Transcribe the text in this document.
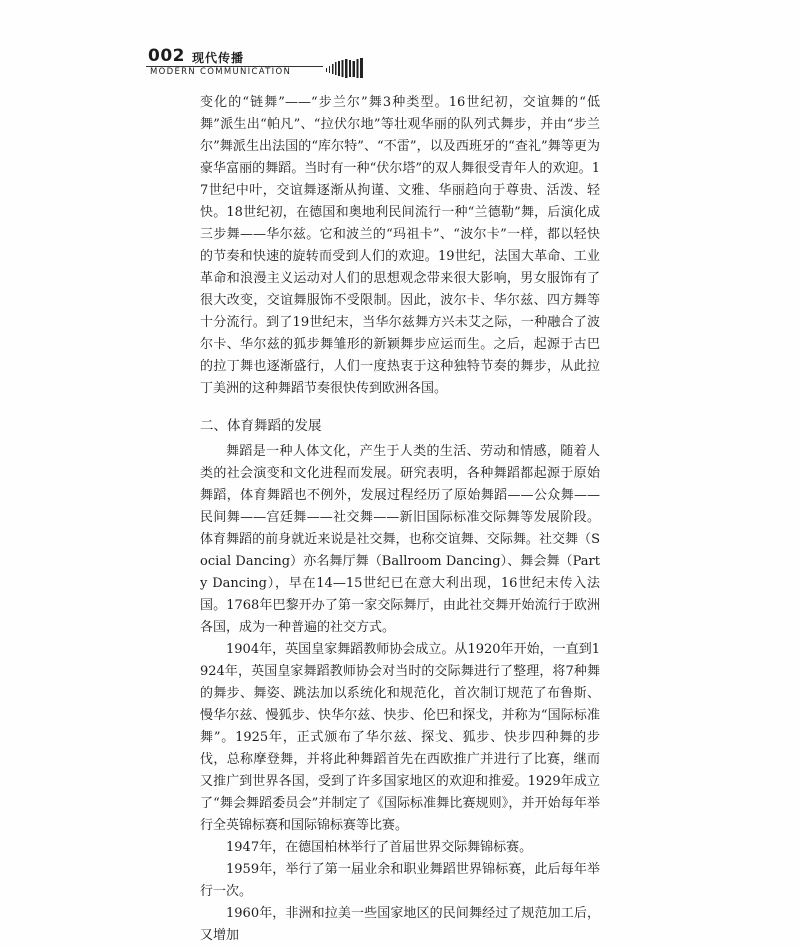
002 现代传播
MODERN COMMUNICATION

变化的“链舞”——“步兰尔”舞3种类型。16世纪初，交谊舞的“低舞”派生出“帕凡”、“拉伏尔地”等壮观华丽的队列式舞步，并由“步兰尔”舞派生出法国的“库尔特”、“不雷”，以及西班牙的“查礼”舞等更为豪华富丽的舞蹈。当时有一种“伏尔塔”的双人舞很受青年人的欢迎。17世纪中叶，交谊舞逐渐从拘谨、文雅、华丽趋向于尊贵、活泼、轻快。18世纪初，在德国和奥地利民间流行一种“兰德勒”舞，后演化成三步舞——华尔兹。它和波兰的“玛祖卡”、“波尔卡”一样，都以轻快的节奏和快速的旋转而受到人们的欢迎。19世纪，法国大革命、工业革命和浪漫主义运动对人们的思想观念带来很大影响，男女服饰有了很大改变，交谊舞服饰不受限制。因此，波尔卡、华尔兹、四方舞等十分流行。到了19世纪末，当华尔兹舞方兴未艾之际，一种融合了波尔卡、华尔兹的狐步舞雏形的新颖舞步应运而生。之后，起源于古巴的拉丁舞也逐渐盛行，人们一度热衷于这种独特节奏的舞步，从此拉丁美洲的这种舞蹈节奏很快传到欧洲各国。

二、体育舞蹈的发展

舞蹈是一种人体文化，产生于人类的生活、劳动和情感，随着人类的社会演变和文化进程而发展。研究表明，各种舞蹈都起源于原始舞蹈，体育舞蹈也不例外，发展过程经历了原始舞蹈——公众舞——民间舞——宫廷舞——社交舞——新旧国际标准交际舞等发展阶段。体育舞蹈的前身就近来说是社交舞，也称交谊舞、交际舞。社交舞（Social Dancing）亦名舞厅舞（Ballroom Dancing）、舞会舞（Party Dancing），早在14—15世纪已在意大利出现，16世纪末传入法国。1768年巴黎开办了第一家交际舞厅，由此社交舞开始流行于欧洲各国，成为一种普遍的社交方式。

1904年，英国皇家舞蹈教师协会成立。从1920年开始，一直到1924年，英国皇家舞蹈教师协会对当时的交际舞进行了整理，将7种舞的舞步、舞姿、跳法加以系统化和规范化，首次制订规范了布鲁斯、慢华尔兹、慢狐步、快华尔兹、快步、伦巴和探戈，并称为“国际标准舞”。1925年，正式颁布了华尔兹、探戈、狐步、快步四种舞的步伐，总称摩登舞，并将此种舞蹈首先在西欧推广并进行了比赛，继而又推广到世界各国，受到了许多国家地区的欢迎和推爱。1929年成立了“舞会舞蹈委员会”并制定了《国际标准舞比赛规则》，并开始每年举行全英锦标赛和国际锦标赛等比赛。

1947年，在德国柏林举行了首届世界交际舞锦标赛。

1959年，举行了第一届业余和职业舞蹈世界锦标赛，此后每年举行一次。

1960年，非洲和拉美一些国家地区的民间舞经过了规范加工后，又增加
